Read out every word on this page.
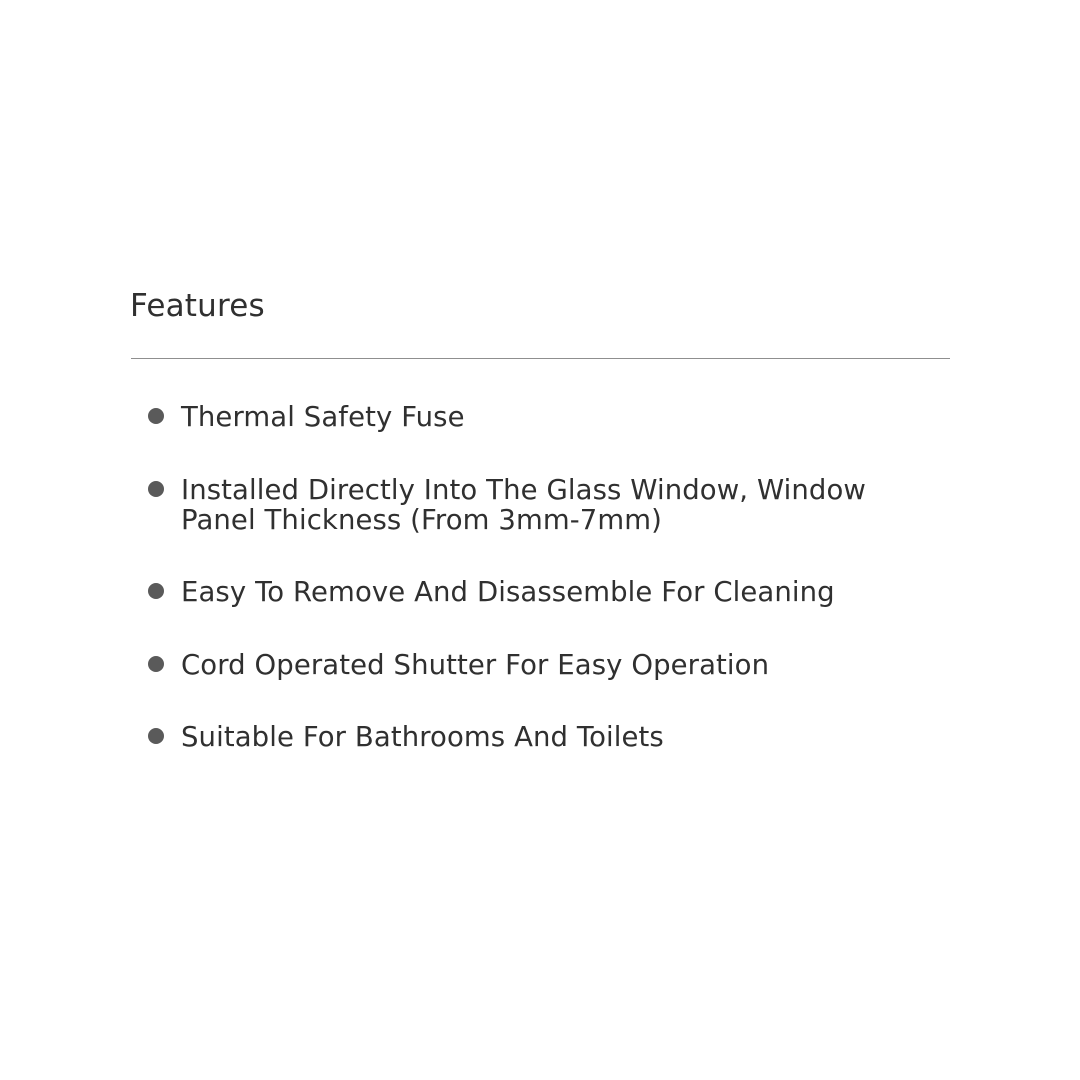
Features
Thermal Safety Fuse
Installed Directly Into The Glass Window, Window Panel Thickness (From 3mm-7mm)
Easy To Remove And Disassemble For Cleaning
Cord Operated Shutter For Easy Operation
Suitable For Bathrooms And Toilets
